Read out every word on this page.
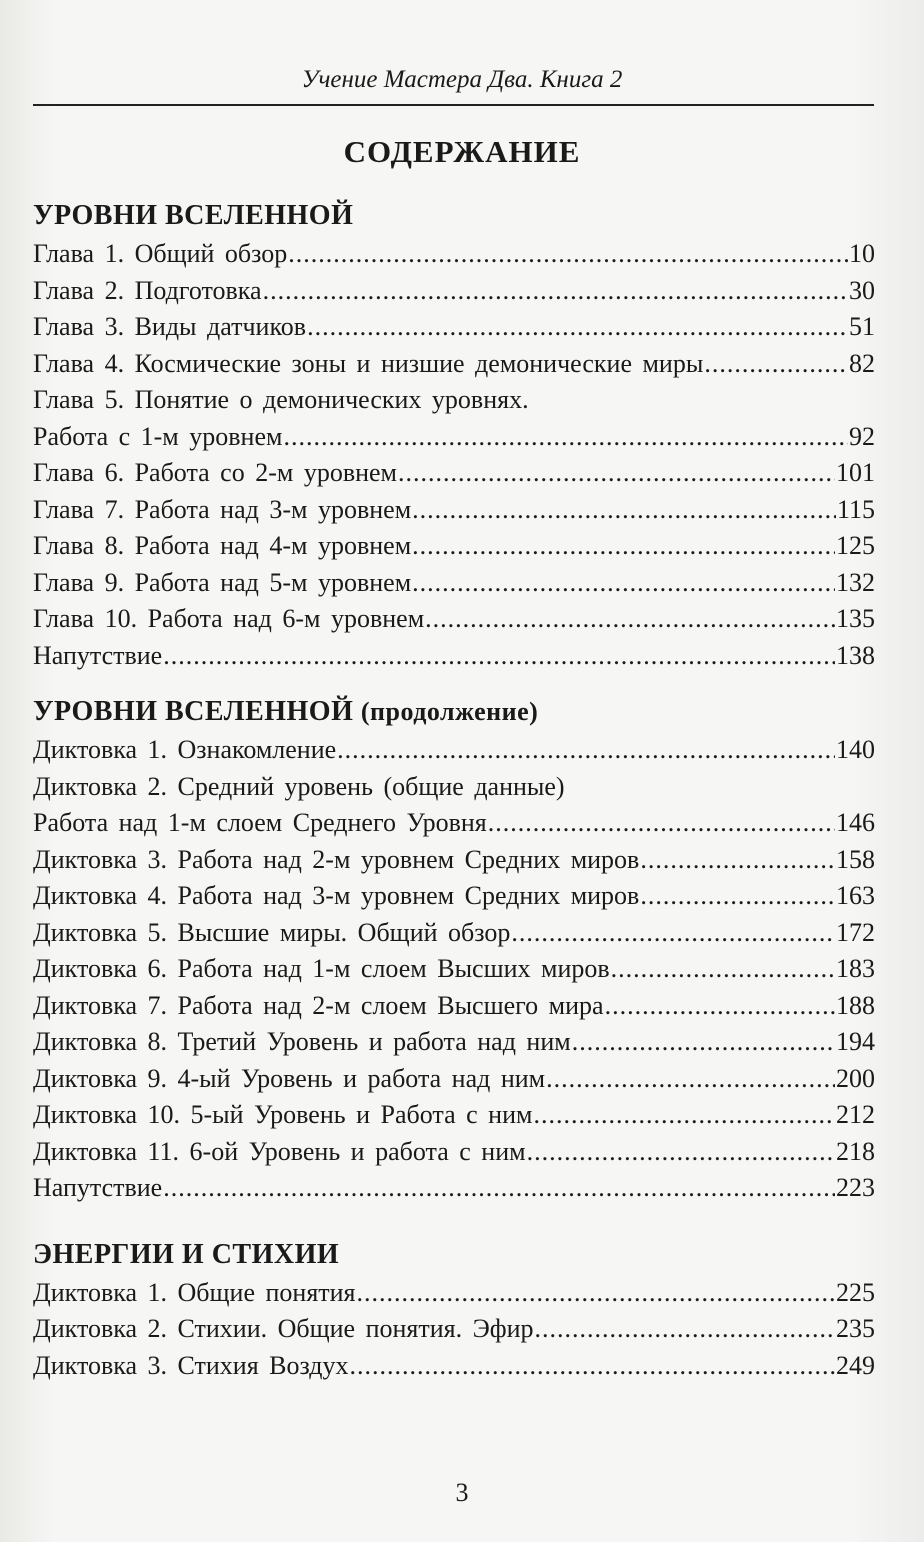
Учение Мастера Два. Книга 2
СОДЕРЖАНИЕ
УРОВНИ ВСЕЛЕННОЙ
Глава 1. Общий обзор .....	10
Глава 2. Подготовка .....	30
Глава 3. Виды датчиков .....	51
Глава 4. Космические зоны и низшие демонические миры .....	82
Глава 5. Понятие о демонических уровнях.
Работа с 1-м уровнем .....	92
Глава 6. Работа со 2-м уровнем .....	101
Глава 7. Работа над 3-м уровнем .....	115
Глава 8. Работа над 4-м уровнем .....	125
Глава 9. Работа над 5-м уровнем .....	132
Глава 10. Работа над 6-м уровнем .....	135
Напутствие .....	138
УРОВНИ ВСЕЛЕННОЙ (продолжение)
Диктовка 1. Ознакомление .....	140
Диктовка 2. Средний уровень (общие данные)
Работа над 1-м слоем Среднего Уровня .....	146
Диктовка 3. Работа над 2-м уровнем Средних миров .....	158
Диктовка 4. Работа над 3-м уровнем Средних миров .....	163
Диктовка 5. Высшие миры. Общий обзор .....	172
Диктовка 6. Работа над 1-м слоем Высших миров .....	183
Диктовка 7. Работа над 2-м слоем Высшего мира .....	188
Диктовка 8. Третий Уровень и работа над ним .....	194
Диктовка 9. 4-ый Уровень и работа над ним .....	200
Диктовка 10. 5-ый Уровень и Работа с ним .....	212
Диктовка 11. 6-ой Уровень и работа с ним .....	218
Напутствие .....	223
ЭНЕРГИИ И СТИХИИ
Диктовка 1. Общие понятия .....	225
Диктовка 2. Стихии. Общие понятия. Эфир .....	235
Диктовка 3. Стихия Воздух .....	249
3
